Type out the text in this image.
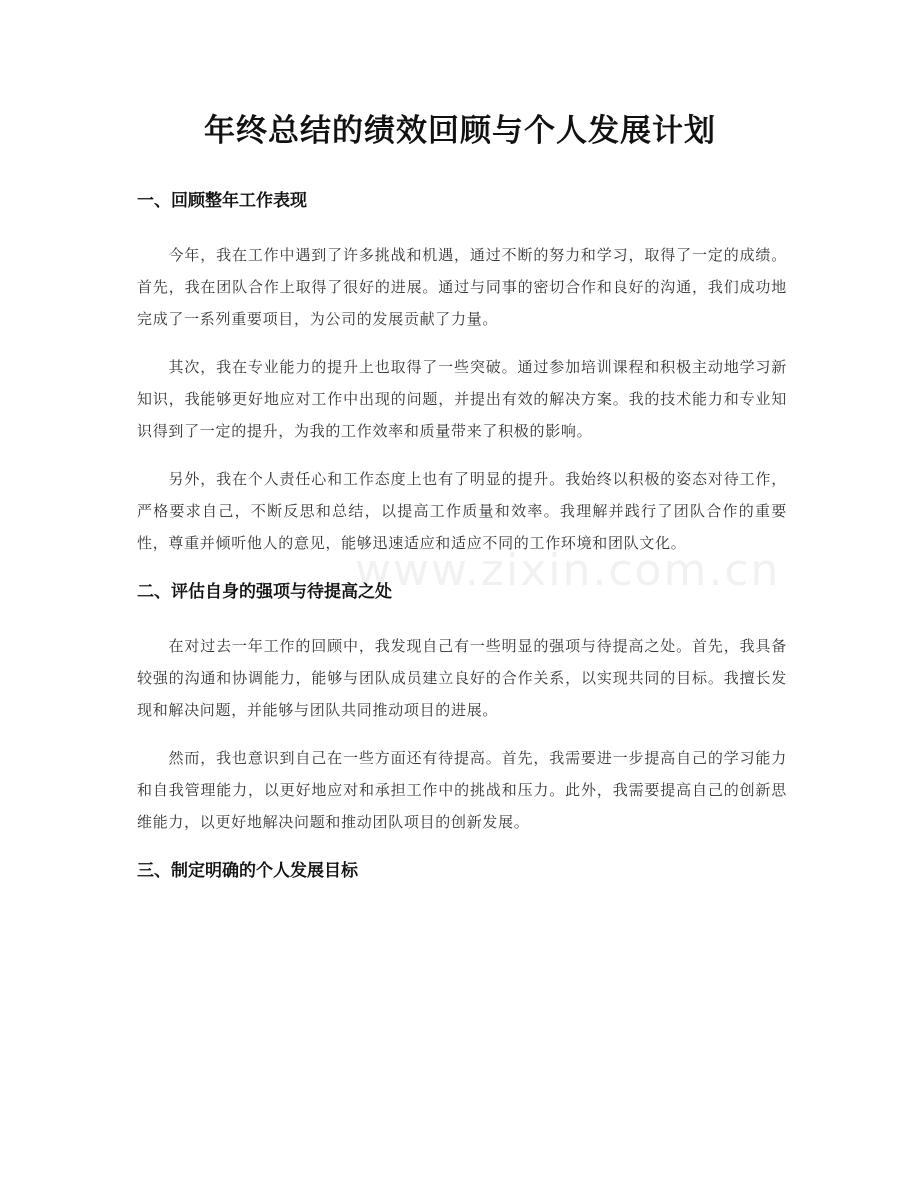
年终总结的绩效回顾与个人发展计划
www.zixin.com.cn
一、回顾整年工作表现

今年，我在工作中遇到了许多挑战和机遇，通过不断的努力和学习，取得了一定的成绩。首先，我在团队合作上取得了很好的进展。通过与同事的密切合作和良好的沟通，我们成功地完成了一系列重要项目，为公司的发展贡献了力量。

其次，我在专业能力的提升上也取得了一些突破。通过参加培训课程和积极主动地学习新知识，我能够更好地应对工作中出现的问题，并提出有效的解决方案。我的技术能力和专业知识得到了一定的提升，为我的工作效率和质量带来了积极的影响。

另外，我在个人责任心和工作态度上也有了明显的提升。我始终以积极的姿态对待工作，严格要求自己，不断反思和总结，以提高工作质量和效率。我理解并践行了团队合作的重要性，尊重并倾听他人的意见，能够迅速适应和适应不同的工作环境和团队文化。

二、评估自身的强项与待提高之处

在对过去一年工作的回顾中，我发现自己有一些明显的强项与待提高之处。首先，我具备较强的沟通和协调能力，能够与团队成员建立良好的合作关系，以实现共同的目标。我擅长发现和解决问题，并能够与团队共同推动项目的进展。

然而，我也意识到自己在一些方面还有待提高。首先，我需要进一步提高自己的学习能力和自我管理能力，以更好地应对和承担工作中的挑战和压力。此外，我需要提高自己的创新思维能力，以更好地解决问题和推动团队项目的创新发展。

三、制定明确的个人发展目标
